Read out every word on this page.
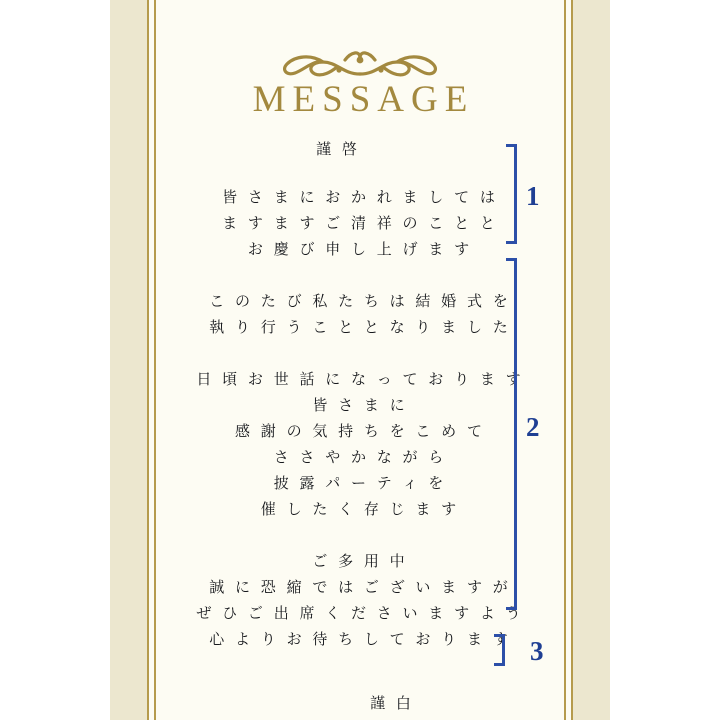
MESSAGE
謹 啓
皆 さ ま に お か れ ま し て は
ま す ま す ご 清 祥 の こ と と
お 慶 び 申 し 上 げ ま す
こ の た び 私 た ち は 結 婚 式 を
執 り 行 う こ と と な り ま し た
日 頃 お 世 話 に な っ て お り ま す
皆 さ ま に
感 謝 の 気 持 ち を こ め て
さ さ や か な が ら
披 露 パ ー テ ィ を
催 し た く 存 じ ま す
ご 多 用 中
誠 に 恐 縮 で は ご ざ い ま す が
ぜ ひ ご 出 席 く だ さ い ま す よ う
心 よ り お 待 ち し て お り ま す
謹 白
1
2
3
